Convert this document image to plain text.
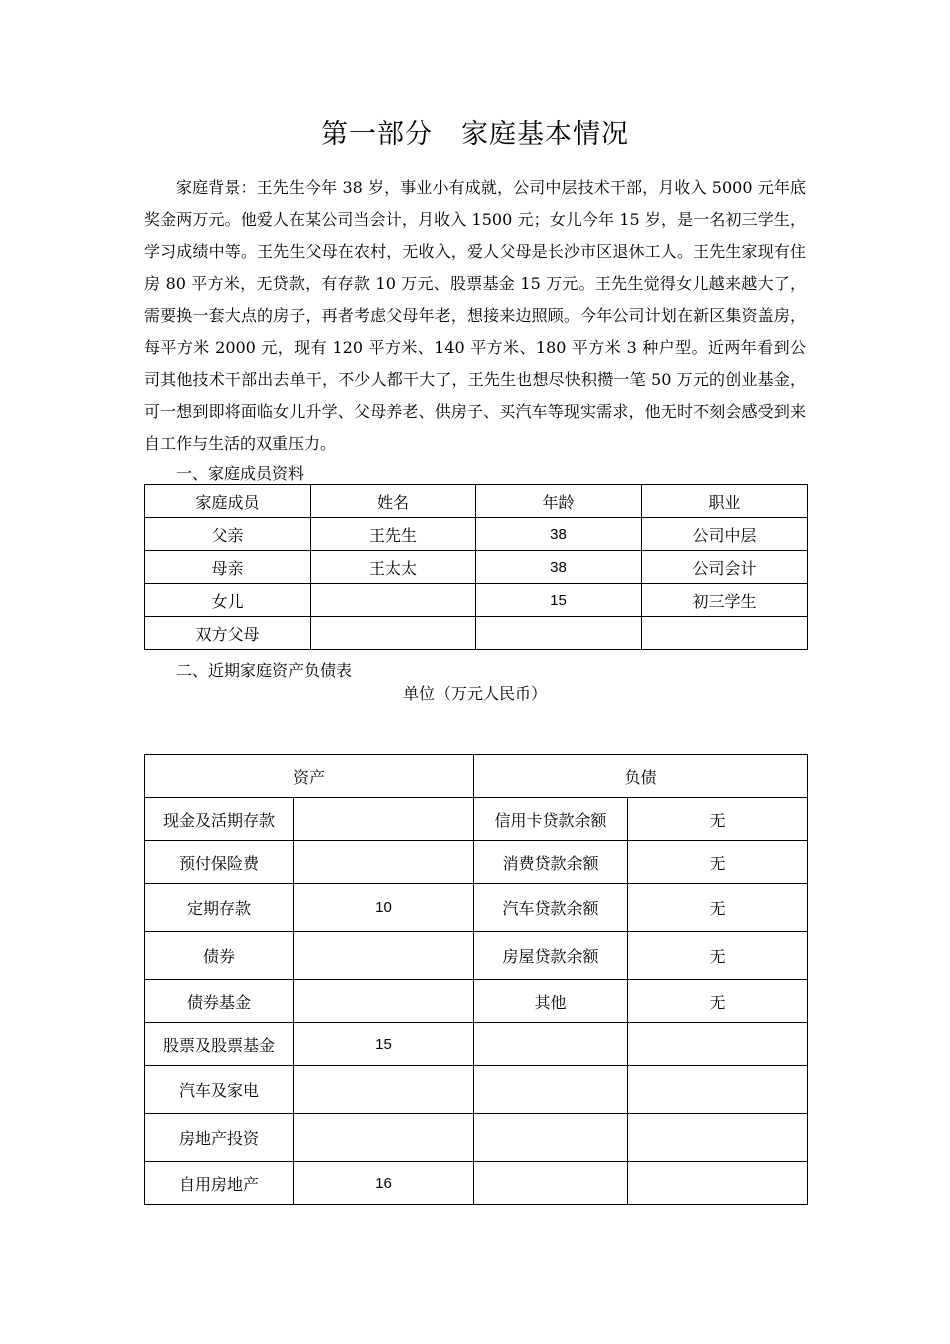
第一部分　家庭基本情况

家庭背景：王先生今年 38 岁，事业小有成就，公司中层技术干部，月收入 5000 元年底奖金两万元。他爱人在某公司当会计，月收入 1500 元；女儿今年 15 岁，是一名初三学生，学习成绩中等。王先生父母在农村，无收入，爱人父母是长沙市区退休工人。王先生家现有住房 80 平方米，无贷款，有存款 10 万元、股票基金 15 万元。王先生觉得女儿越来越大了，需要换一套大点的房子，再者考虑父母年老，想接来边照顾。今年公司计划在新区集资盖房，每平方米 2000 元，现有 120 平方米、140 平方米、180 平方米 3 种户型。近两年看到公司其他技术干部出去单干，不少人都干大了，王先生也想尽快积攒一笔 50 万元的创业基金，可一想到即将面临女儿升学、父母养老、供房子、买汽车等现实需求，他无时不刻会感受到来自工作与生活的双重压力。

一、家庭成员资料
家庭成员	姓名	年龄	职业
父亲	王先生	38	公司中层
母亲	王太太	38	公司会计
女儿		15	初三学生
双方父母			
二、近期家庭资产负债表
单位（万元人民币）
资产		负债	
现金及活期存款		信用卡贷款余额	无
预付保险费		消费贷款余额	无
定期存款	10	汽车贷款余额	无
债券		房屋贷款余额	无
债券基金		其他	无
股票及股票基金	15		
汽车及家电			
房地产投资			
自用房地产	16		
